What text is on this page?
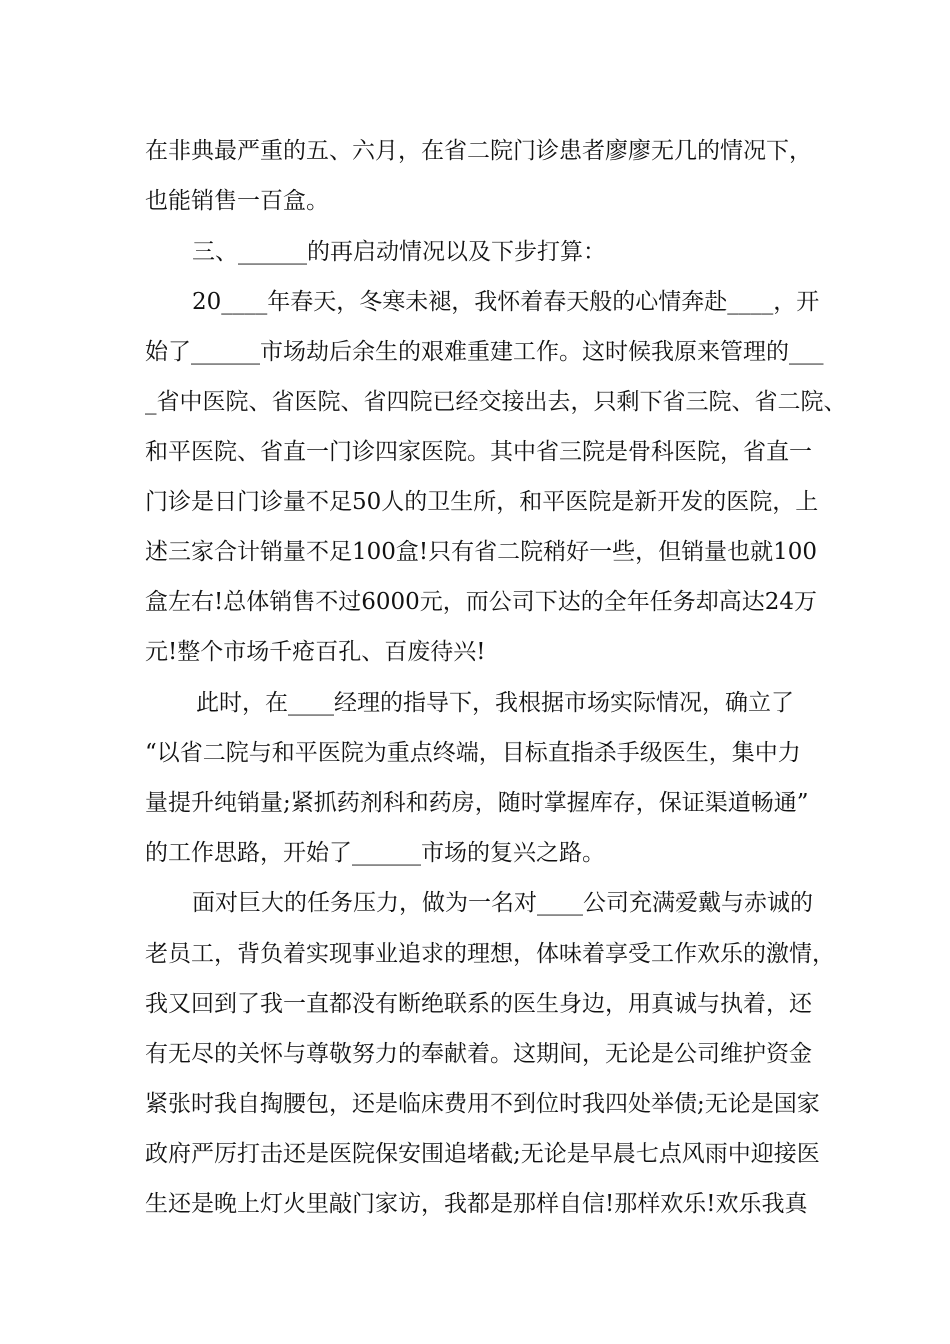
在非典最严重的五、六月，在省二院门诊患者廖廖无几的情况下，

也能销售一百盒。

三、______的再启动情况以及下步打算：

20____年春天，冬寒未褪，我怀着春天般的心情奔赴____，开

始了______市场劫后余生的艰难重建工作。这时候我原来管理的___

_省中医院、省医院、省四院已经交接出去，只剩下省三院、省二院、

和平医院、省直一门诊四家医院。其中省三院是骨科医院，省直一

门诊是日门诊量不足50人的卫生所，和平医院是新开发的医院，上

述三家合计销量不足100盒!只有省二院稍好一些，但销量也就100

盒左右!总体销售不过6000元，而公司下达的全年任务却高达24万

元!整个市场千疮百孔、百废待兴!

此时，在____经理的指导下，我根据市场实际情况，确立了

“以省二院与和平医院为重点终端，目标直指杀手级医生，集中力

量提升纯销量;紧抓药剂科和药房，随时掌握库存，保证渠道畅通”

的工作思路，开始了______市场的复兴之路。

面对巨大的任务压力，做为一名对____公司充满爱戴与赤诚的

老员工，背负着实现事业追求的理想，体味着享受工作欢乐的激情，

我又回到了我一直都没有断绝联系的医生身边，用真诚与执着，还

有无尽的关怀与尊敬努力的奉献着。这期间，无论是公司维护资金

紧张时我自掏腰包，还是临床费用不到位时我四处举债;无论是国家

政府严厉打击还是医院保安围追堵截;无论是早晨七点风雨中迎接医

生还是晚上灯火里敲门家访，我都是那样自信!那样欢乐!欢乐我真
